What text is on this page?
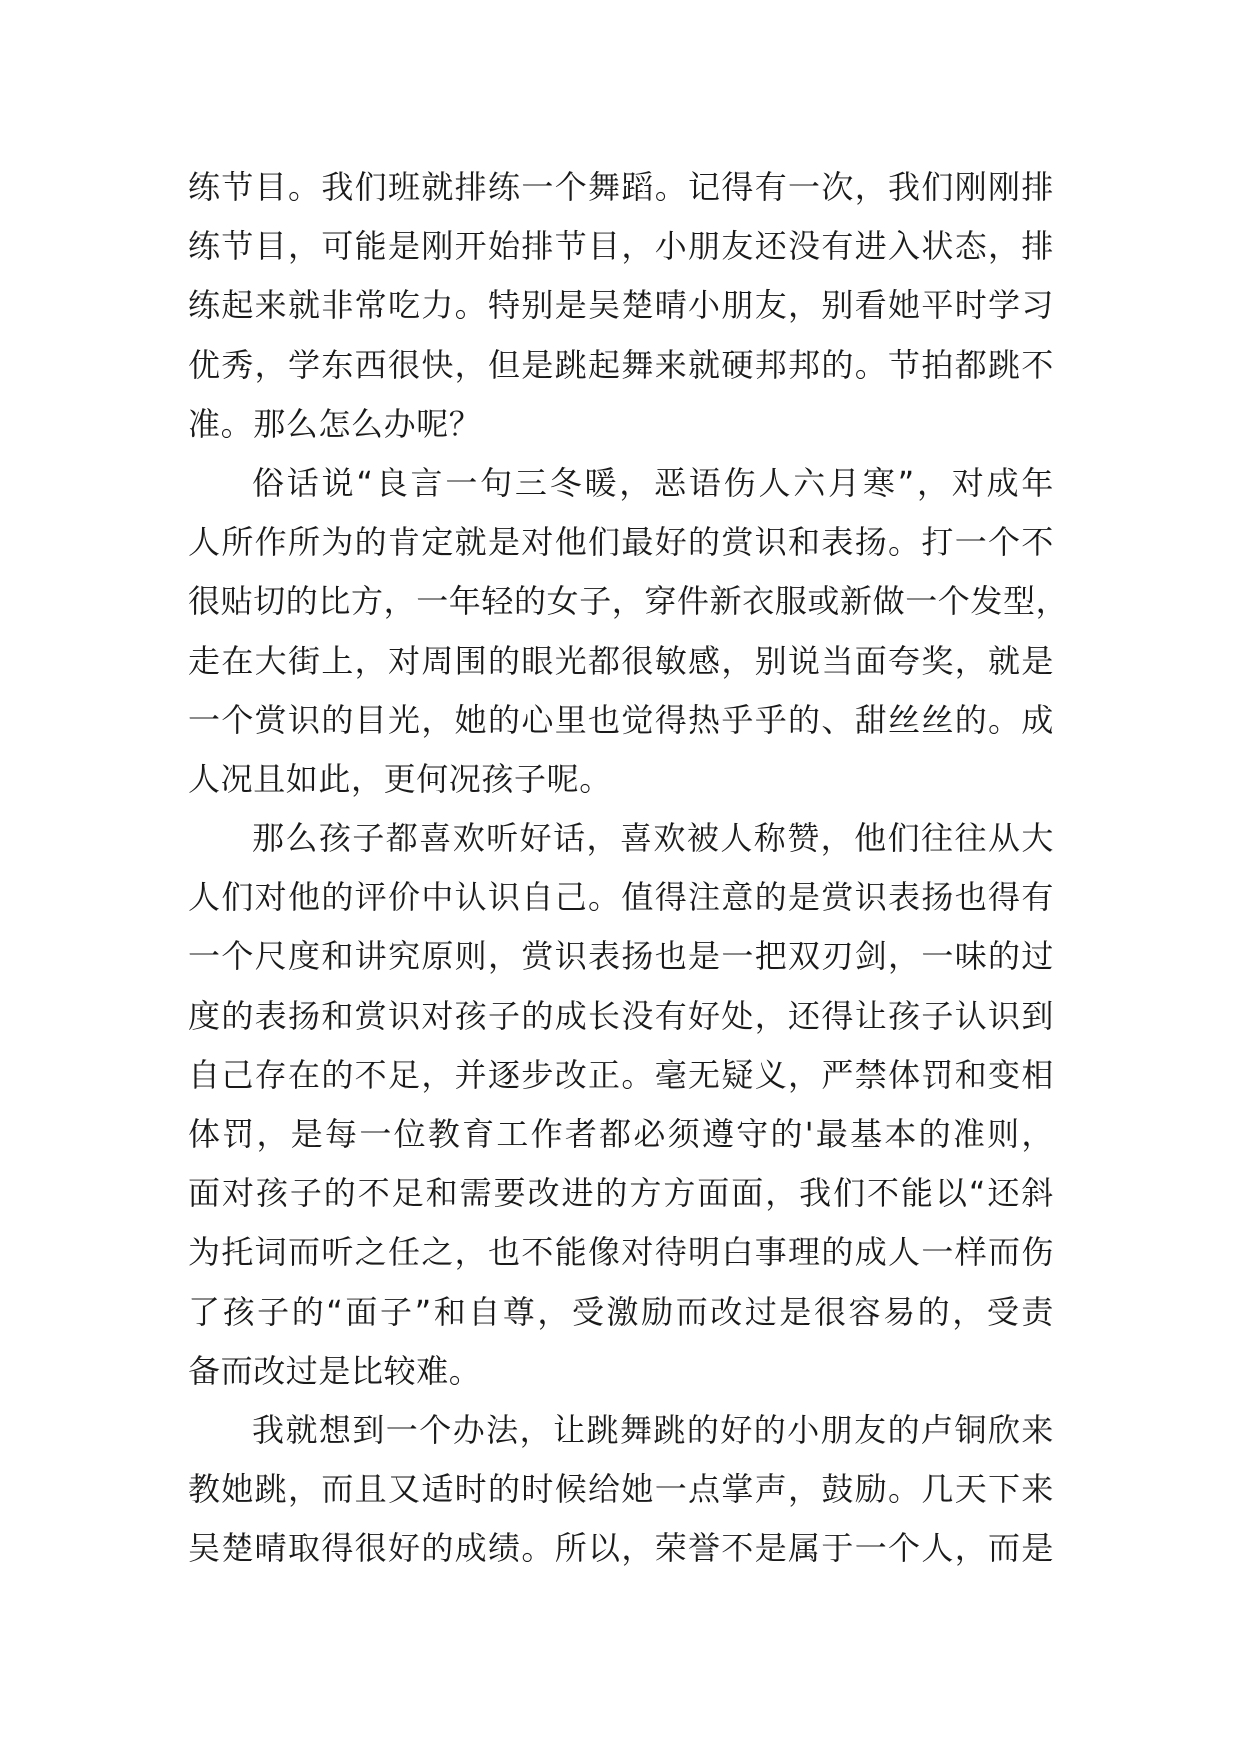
练节目。我们班就排练一个舞蹈。记得有一次，我们刚刚排
练节目，可能是刚开始排节目，小朋友还没有进入状态，排
练起来就非常吃力。特别是吴楚晴小朋友，别看她平时学习
优秀，学东西很快，但是跳起舞来就硬邦邦的。节拍都跳不
准。那么怎么办呢？
俗话说“良言一句三冬暖，恶语伤人六月寒”，对成年
人所作所为的肯定就是对他们最好的赏识和表扬。打一个不
很贴切的比方，一年轻的女子，穿件新衣服或新做一个发型，
走在大街上，对周围的眼光都很敏感，别说当面夸奖，就是
一个赏识的目光，她的心里也觉得热乎乎的、甜丝丝的。成
人况且如此，更何况孩子呢。
那么孩子都喜欢听好话，喜欢被人称赞，他们往往从大
人们对他的评价中认识自己。值得注意的是赏识表扬也得有
一个尺度和讲究原则，赏识表扬也是一把双刃剑，一味的过
度的表扬和赏识对孩子的成长没有好处，还得让孩子认识到
自己存在的不足，并逐步改正。毫无疑义，严禁体罚和变相
体罚，是每一位教育工作者都必须遵守的'最基本的准则，
面对孩子的不足和需要改进的方方面面，我们不能以“还斜
为托词而听之任之，也不能像对待明白事理的成人一样而伤
了孩子的“面子”和自尊，受激励而改过是很容易的，受责
备而改过是比较难。
我就想到一个办法，让跳舞跳的好的小朋友的卢铜欣来
教她跳，而且又适时的时候给她一点掌声，鼓励。几天下来
吴楚晴取得很好的成绩。所以，荣誉不是属于一个人，而是
